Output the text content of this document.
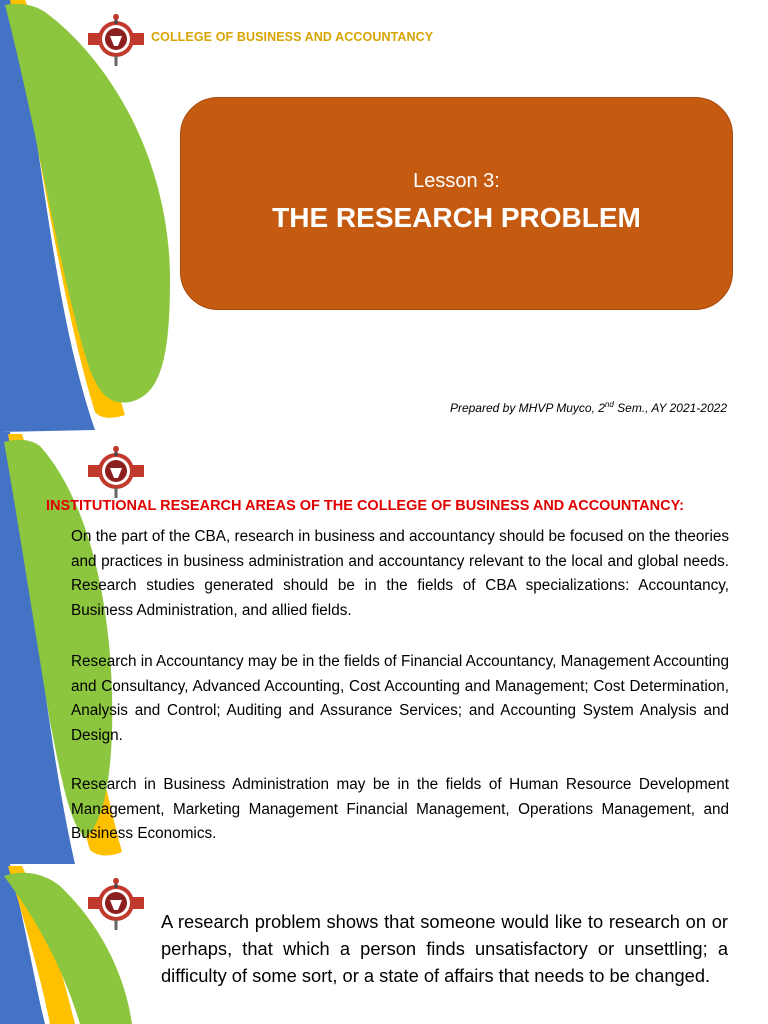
COLLEGE OF BUSINESS AND ACCOUNTANCY
Lesson 3:
THE RESEARCH PROBLEM
Prepared by MHVP Muyco, 2nd Sem., AY 2021-2022
INSTITUTIONAL RESEARCH AREAS OF THE COLLEGE OF BUSINESS AND ACCOUNTANCY:

On the part of the CBA, research in business and accountancy should be focused on the theories and practices in business administration and accountancy relevant to the local and global needs. Research studies generated should be in the fields of CBA specializations: Accountancy, Business Administration, and allied fields.

Research in Accountancy may be in the fields of Financial Accountancy, Management Accounting and Consultancy, Advanced Accounting, Cost Accounting and Management; Cost Determination, Analysis and Control; Auditing and Assurance Services; and Accounting System Analysis and Design.

Research in Business Administration may be in the fields of Human Resource Development Management, Marketing Management Financial Management, Operations Management, and Business Economics.

A research problem shows that someone would like to research on or perhaps, that which a person finds unsatisfactory or unsettling; a difficulty of some sort, or a state of affairs that needs to be changed.
